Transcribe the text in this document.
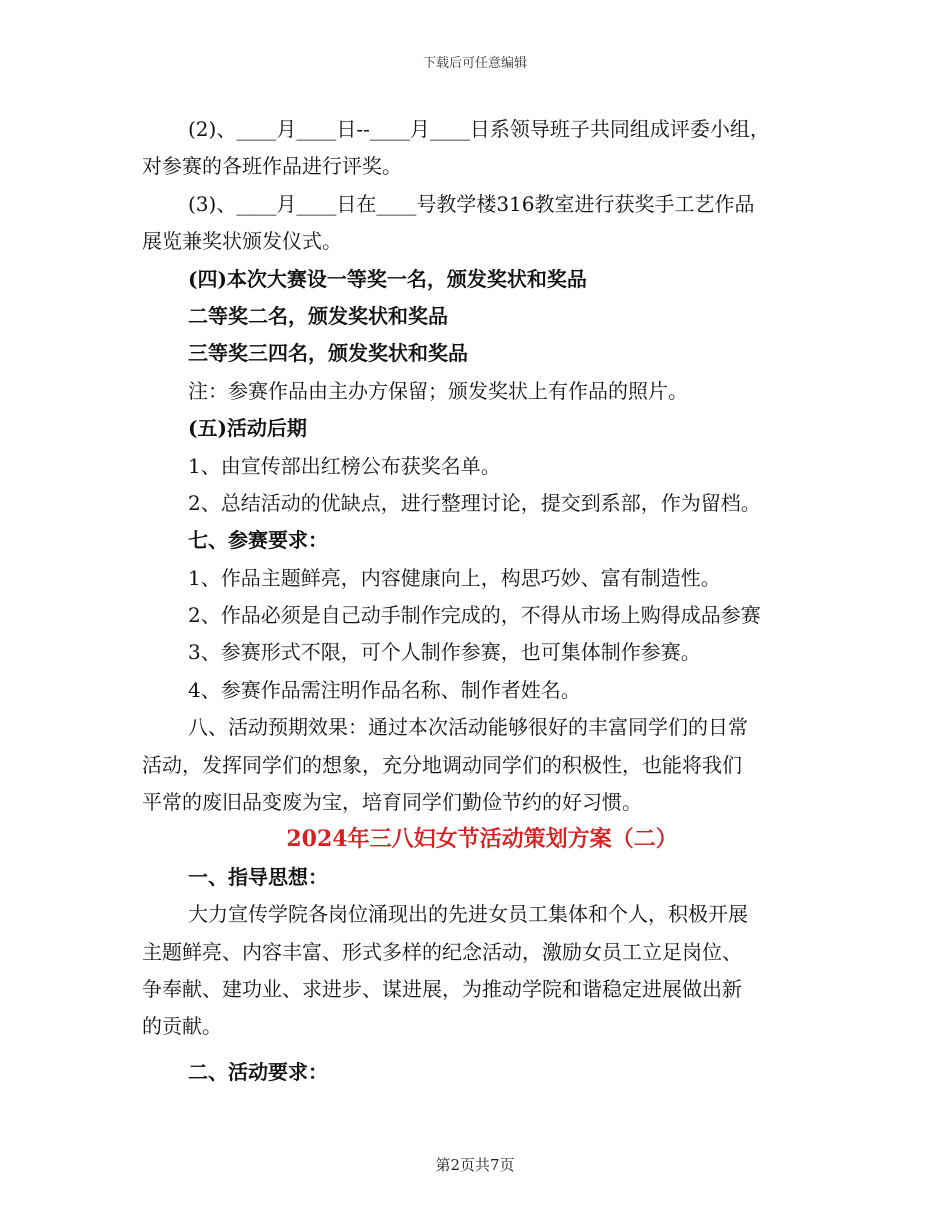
下载后可任意编辑

(2)、____月____日--____月____日系领导班子共同组成评委小组，

对参赛的各班作品进行评奖。

(3)、____月____日在____号教学楼316教室进行获奖手工艺作品

展览兼奖状颁发仪式。

(四)本次大赛设一等奖一名，颁发奖状和奖品

二等奖二名，颁发奖状和奖品

三等奖三四名，颁发奖状和奖品

注：参赛作品由主办方保留；颁发奖状上有作品的照片。

(五)活动后期

1、由宣传部出红榜公布获奖名单。

2、总结活动的优缺点，进行整理讨论，提交到系部，作为留档。

七、参赛要求：

1、作品主题鲜亮，内容健康向上，构思巧妙、富有制造性。

2、作品必须是自己动手制作完成的，不得从市场上购得成品参赛

3、参赛形式不限，可个人制作参赛，也可集体制作参赛。

4、参赛作品需注明作品名称、制作者姓名。

八、活动预期效果：通过本次活动能够很好的丰富同学们的日常

活动，发挥同学们的想象，充分地调动同学们的积极性，也能将我们

平常的废旧品变废为宝，培育同学们勤俭节约的好习惯。

2024年三八妇女节活动策划方案（二）

一、指导思想：

大力宣传学院各岗位涌现出的先进女员工集体和个人，积极开展

主题鲜亮、内容丰富、形式多样的纪念活动，激励女员工立足岗位、

争奉献、建功业、求进步、谋进展，为推动学院和谐稳定进展做出新

的贡献。

二、活动要求：

第2页共7页
